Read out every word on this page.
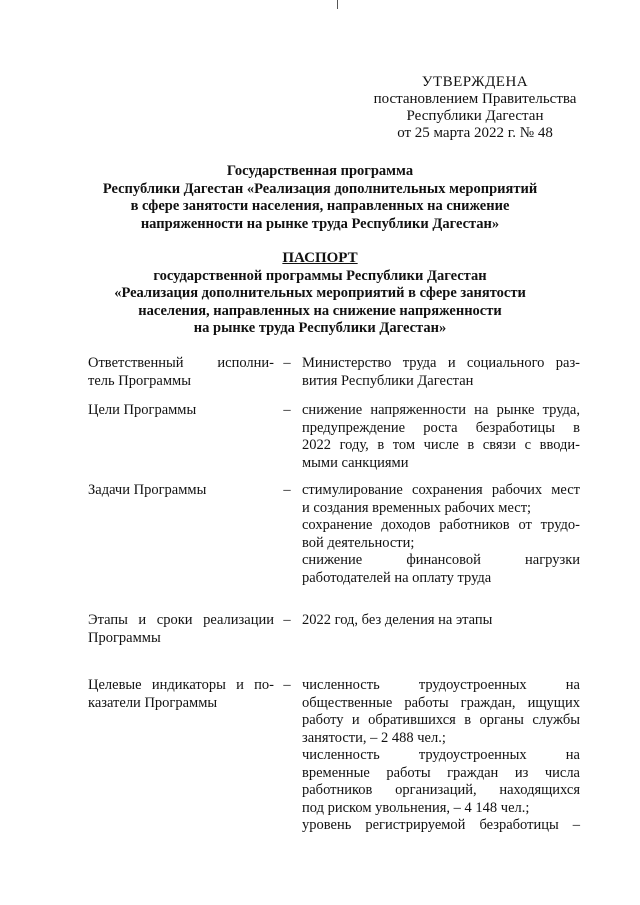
УТВЕРЖДЕНА
постановлением Правительства
Республики Дагестан
от 25 марта 2022 г. № 48
Государственная программа
Республики Дагестан «Реализация дополнительных мероприятий
в сфере занятости населения, направленных на снижение
напряженности на рынке труда Республики Дагестан»
ПАСПОРТ
государственной программы Республики Дагестан
«Реализация дополнительных мероприятий в сфере занятости
населения, направленных на снижение напряженности
на рынке труда Республики Дагестан»
Ответственный исполни-
тель Программы
– Министерство труда и социального раз-
вития Республики Дагестан
Цели Программы	– снижение напряженности на рынке труда,
предупреждение роста безработицы в
2022 году, в том числе в связи с вводи-
мыми санкциями
Задачи Программы	– стимулирование сохранения рабочих мест
и создания временных рабочих мест;
сохранение доходов работников от трудо-
вой деятельности;
снижение финансовой нагрузки
работодателей на оплату труда
Этапы и сроки реализации
Программы
– 2022 год, без деления на этапы
Целевые индикаторы и по-
казатели Программы
– численность трудоустроенных на
общественные работы граждан, ищущих
работу и обратившихся в органы службы
занятости, – 2 488 чел.;
численность трудоустроенных на
временные работы граждан из числа
работников организаций, находящихся
под риском увольнения, – 4 148 чел.;
уровень регистрируемой безработицы –
